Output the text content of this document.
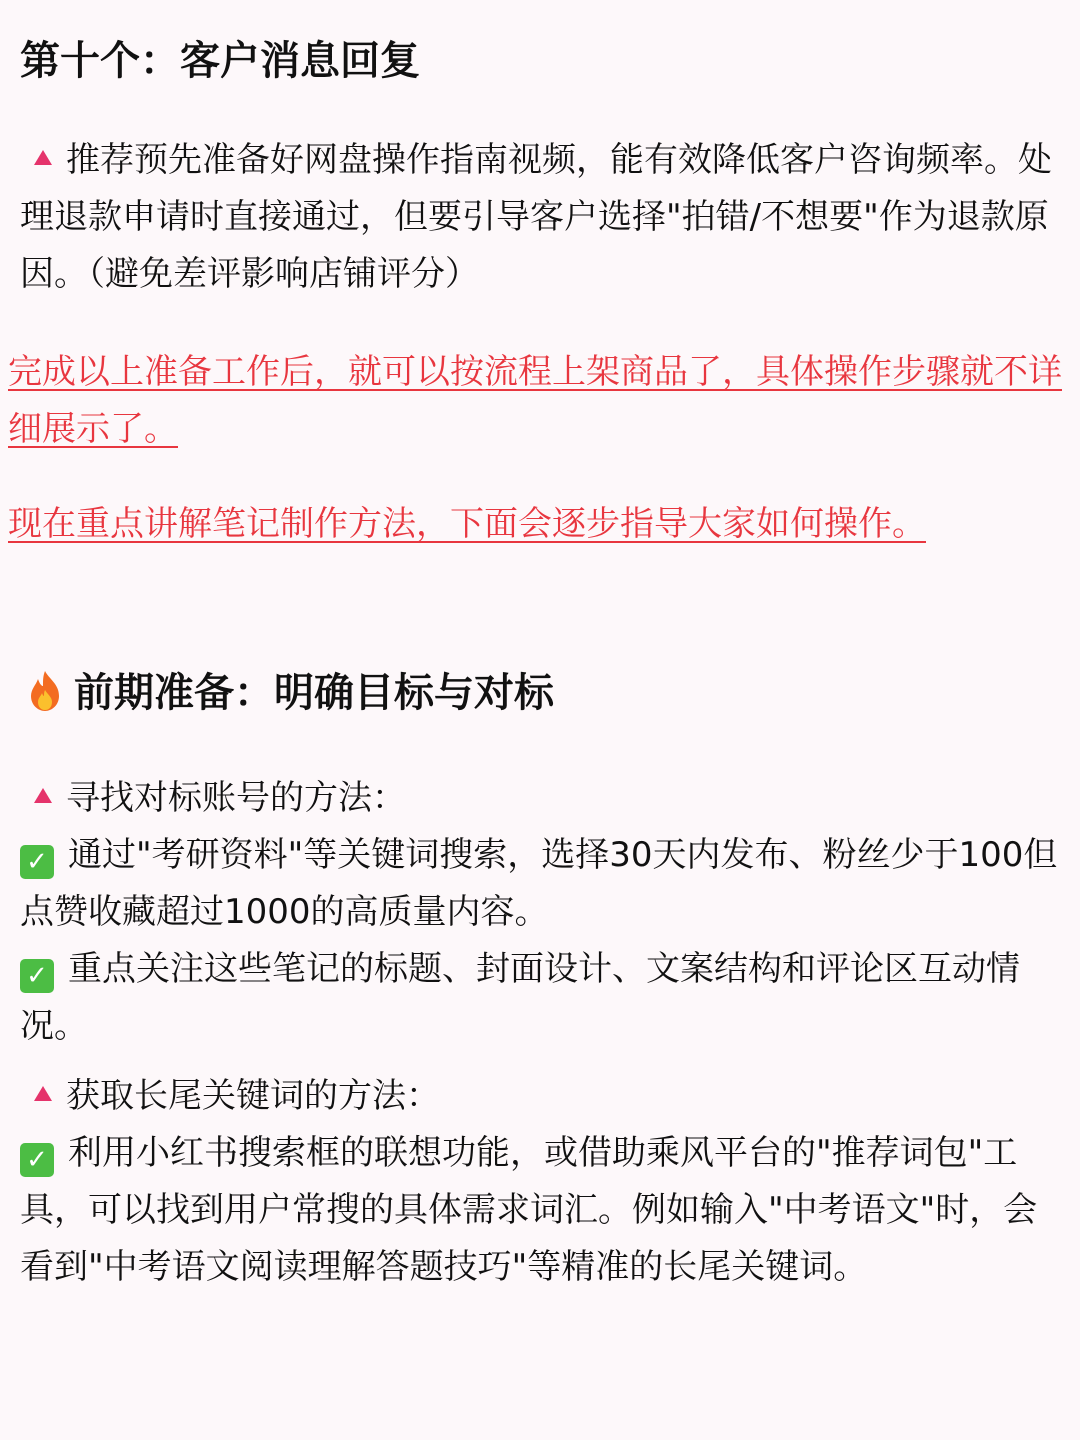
第十个：客户消息回复
推荐预先准备好网盘操作指南视频，能有效降低客户咨询频率。处理退款申请时直接通过，但要引导客户选择"拍错/不想要"作为退款原因。（避免差评影响店铺评分）
完成以上准备工作后，就可以按流程上架商品了，具体操作步骤就不详细展示了。
现在重点讲解笔记制作方法，下面会逐步指导大家如何操作。
前期准备：明确目标与对标
寻找对标账号的方法：
✓ 通过"考研资料"等关键词搜索，选择30天内发布、粉丝少于100但点赞收藏超过1000的高质量内容。
✓ 重点关注这些笔记的标题、封面设计、文案结构和评论区互动情况。
获取长尾关键词的方法：
✓ 利用小红书搜索框的联想功能，或借助乘风平台的"推荐词包"工具，可以找到用户常搜的具体需求词汇。例如输入"中考语文"时，会看到"中考语文阅读理解答题技巧"等精准的长尾关键词。
